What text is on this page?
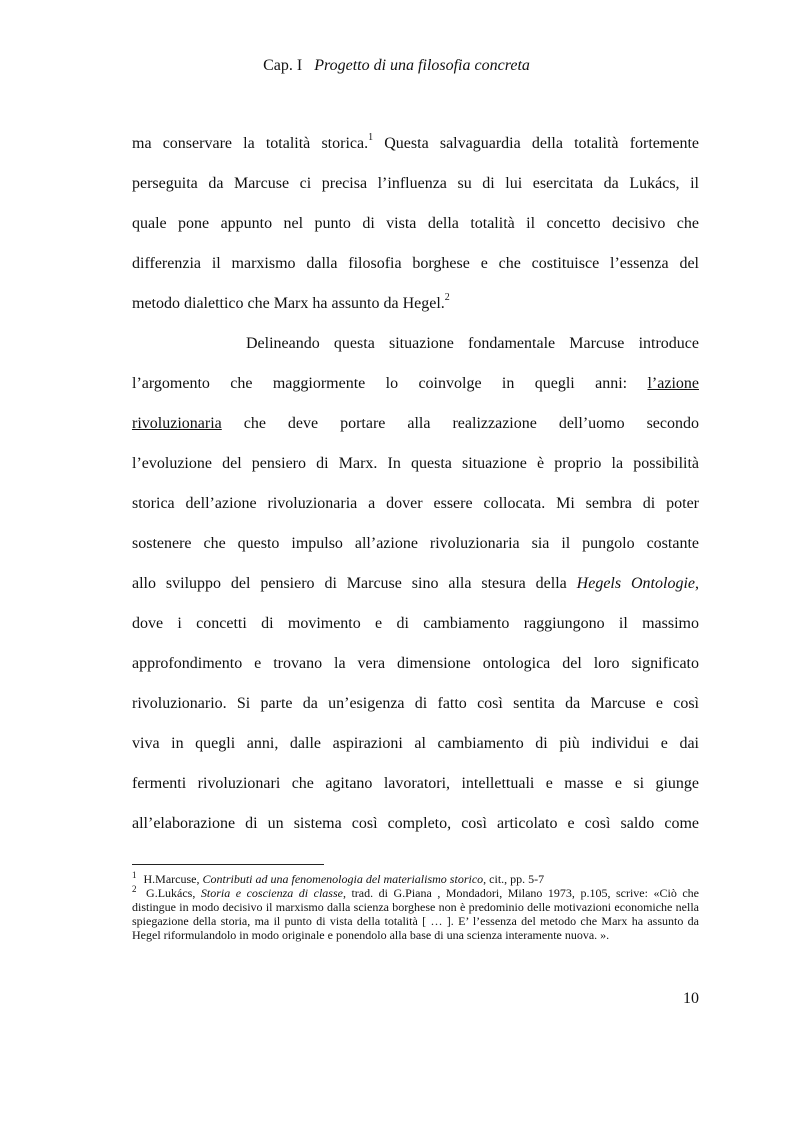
Cap. I Progetto di una filosofia concreta
ma conservare la totalità storica.$^1$ Questa salvaguardia della totalità fortemente
perseguita da Marcuse ci precisa l’influenza su di lui esercitata da Lukács, il
quale pone appunto nel punto di vista della totalità il concetto decisivo che
differenzia il marxismo dalla filosofia borghese e che costituisce l’essenza del
metodo dialettico che Marx ha assunto da Hegel.$^2$
Delineando questa situazione fondamentale Marcuse introduce
l’argomento che maggiormente lo coinvolge in quegli anni: l’azione
rivoluzionaria che deve portare alla realizzazione dell’uomo secondo
l’evoluzione del pensiero di Marx. In questa situazione è proprio la possibilità
storica dell’azione rivoluzionaria a dover essere collocata. Mi sembra di poter
sostenere che questo impulso all’azione rivoluzionaria sia il pungolo costante
allo sviluppo del pensiero di Marcuse sino alla stesura della Hegels Ontologie,
dove i concetti di movimento e di cambiamento raggiungono il massimo
approfondimento e trovano la vera dimensione ontologica del loro significato
rivoluzionario. Si parte da un’esigenza di fatto così sentita da Marcuse e così
viva in quegli anni, dalle aspirazioni al cambiamento di più individui e dai
fermenti rivoluzionari che agitano lavoratori, intellettuali e masse e si giunge
all’elaborazione di un sistema così completo, così articolato e così saldo come
$^1$ H.Marcuse, Contributi ad una fenomenologia del materialismo storico, cit., pp. 5-7
$^2$ G.Lukács, Storia e coscienza di classe, trad. di G.Piana , Mondadori, Milano 1973, p.105, scrive: «Ciò che distingue in modo decisivo il marxismo dalla scienza borghese non è predominio delle motivazioni economiche nella spiegazione della storia, ma il punto di vista della totalità [ … ]. E’ l’essenza del metodo che Marx ha assunto da Hegel riformulandolo in modo originale e ponendolo alla base di una scienza interamente nuova. ».
10
